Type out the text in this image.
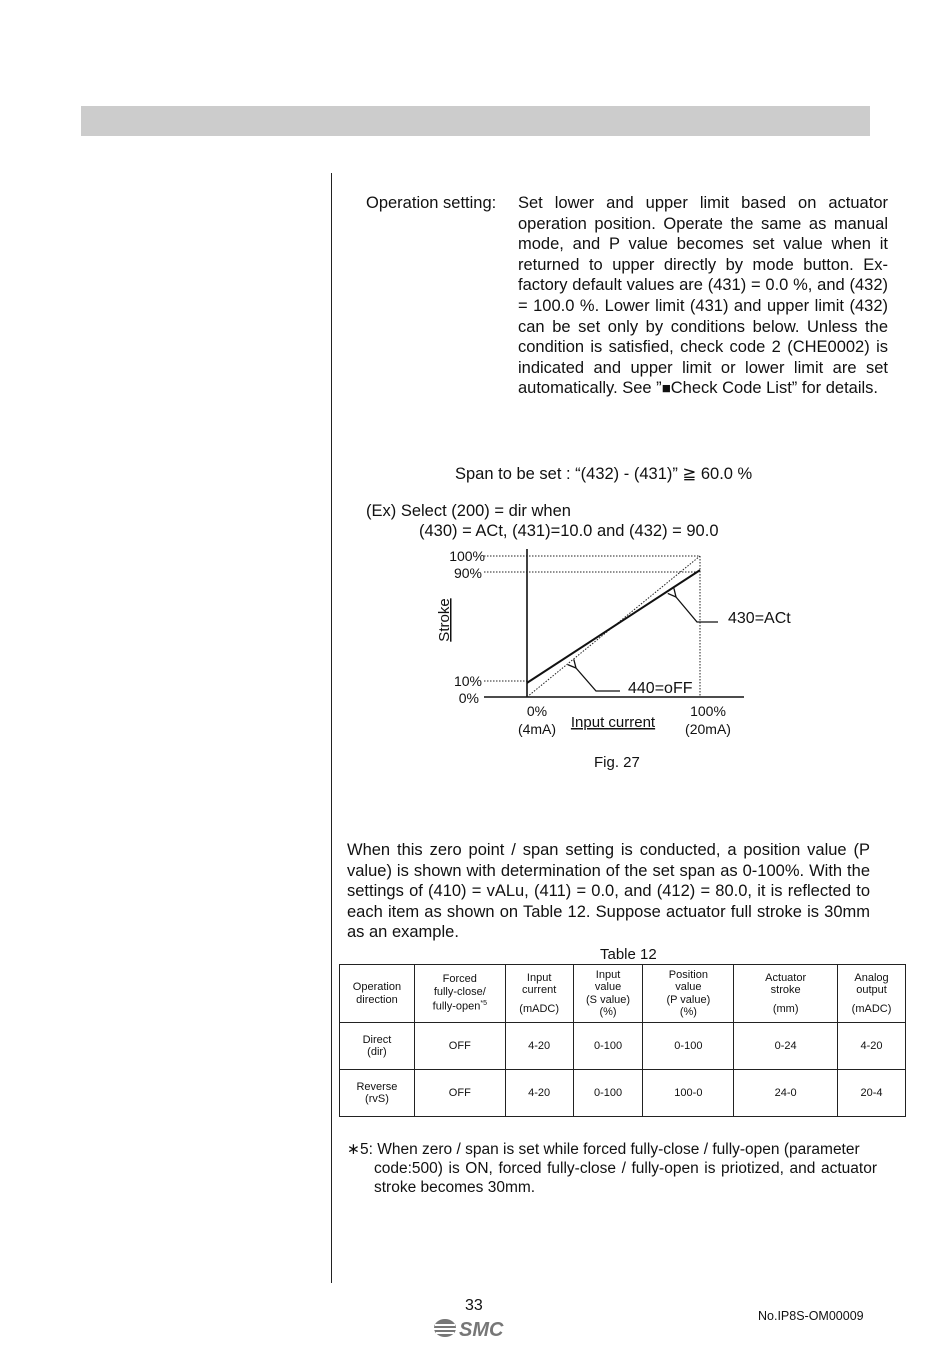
Operation setting: Set lower and upper limit based on actuator operation position. Operate the same as manual mode, and P value becomes set value when it returned to upper directly by mode button. Ex-factory default values are (431) = 0.0 %, and (432) = 100.0 %. Lower limit (431) and upper limit (432) can be set only by conditions below. Unless the condition is satisfied, check code 2 (CHE0002) is indicated and upper limit or lower limit are set automatically. See ”■Check Code List” for details.
Span to be set : “(432) - (431)” ≧ 60.0 %
(Ex) Select (200) = dir when
(430) = ACt, (431)=10.0 and (432) = 90.0
100%
90%
10%
0%
0%
(4mA)
100%
(20mA)
Stroke
Input current
430=ACt
440=oFF
Fig. 27
When this zero point / span setting is conducted, a position value (P value) is shown with determination of the set span as 0-100%. With the settings of (410) = vALu, (411) = 0.0, and (412) = 80.0, it is reflected to each item as shown on Table 12. Suppose actuator full stroke is 30mm as an example.
Table 12
Operation
direction	Forced
fully-close/
fully-open$^{*5}$	Input
current
(mADC)	Input
value
(S value)
(%)	Position
value
(P value)
(%)	Actuator
stroke
(mm)	Analog
output
(mADC)

Direct
(dir)	OFF	4-20	0-100	0-100	0-24	4-20
Reverse
(rvS)	OFF	4-20	0-100	100-0	24-0	20-4
∗5: When zero / span is set while forced fully-close / fully-open (parameter
code:500) is ON, forced fully-close / fully-open is priotized, and actuator stroke becomes 30mm.
33
SMC
No.IP8S-OM00009
